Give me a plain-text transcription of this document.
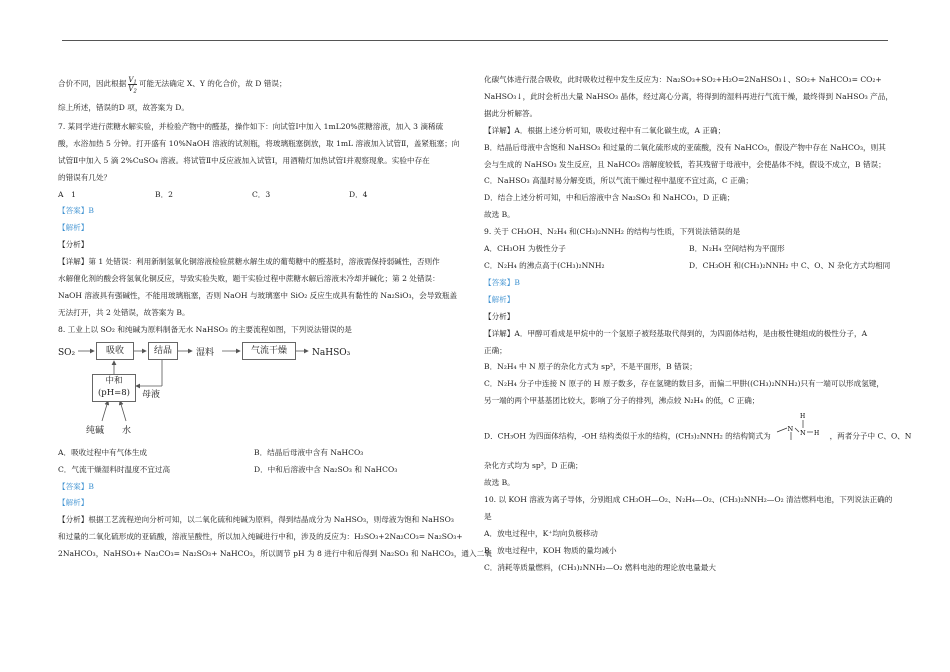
合价不同，因此根据 $\frac{V_1}{V_2}$ 可能无法确定 X、Y 的化合价，故 D 错误；
综上所述，错误的D 项，故答案为 D。
7. 某同学进行蔗糖水解实验，并检验产物中的醛基，操作如下：向试管Ⅰ中加入 1mL20%蔗糖溶液，加入 3 滴稀硫
酸，水浴加热 5 分钟。打开盛有 10%NaOH 溶液的试剂瓶，将玻璃瓶塞倒放，取 1mL 溶液加入试管Ⅱ，盖紧瓶塞；向
试管Ⅱ中加入 5 滴 2%CuSO₄ 溶液。将试管Ⅱ中反应液加入试管Ⅰ，用酒精灯加热试管Ⅰ并观察现象。实验中存在
的错误有几处？
A　1	B．2	C．3	D．4
【答案】B
【解析】
【分析】
【详解】第 1 处错误：利用新制氢氧化铜溶液检验蔗糖水解生成的葡萄糖中的醛基时，溶液需保持弱碱性，否则作
水解催化剂的酸会将氢氧化铜反应，导致实验失败，题干实验过程中蔗糖水解后溶液未冷却并碱化；第 2 处错误：
NaOH 溶液具有强碱性，不能用玻璃瓶塞，否则 NaOH 与玻璃塞中 SiO₂ 反应生成具有黏性的 Na₂SiO₃，会导致瓶盖
无法打开，共 2 处错误，故答案为 B。
8. 工业上以 SO₂ 和纯碱为原料制备无水 NaHSO₃ 的主要流程如图，下列说法错误的是
SO₂	吸收	结晶	湿料	气流干燥	NaHSO₃
中和
(pH=8)	母液
纯碱 水
A．吸收过程中有气体生成	B．结晶后母液中含有 NaHCO₃
C．气流干燥湿料时温度不宜过高	D．中和后溶液中含 Na₂SO₃ 和 NaHCO₃
【答案】B
【解析】
【分析】根据工艺流程逆向分析可知，以二氧化硫和纯碱为原料，得到结晶成分为 NaHSO₃，则母液为饱和 NaHSO₃
和过量的二氧化硫形成的亚硫酸，溶液呈酸性，所以加入纯碱进行中和，涉及的反应为：H₂SO₃+2Na₂CO₃= Na₂SO₃+
2NaHCO₃，NaHSO₃+ Na₂CO₃= Na₂SO₃+ NaHCO₃，所以调节 pH 为 8 进行中和后得到 Na₂SO₃ 和 NaHCO₃，通入二氧
化碳气体进行混合吸收，此时吸收过程中发生反应为：Na₂SO₃+SO₂+H₂O=2NaHSO₃↓、SO₂+ NaHCO₃= CO₂+
NaHSO₃↓，此时会析出大量 NaHSO₃ 晶体，经过离心分离，将得到的湿料再进行气流干燥，最终得到 NaHSO₃ 产品，
据此分析解答。
【详解】A．根据上述分析可知，吸收过程中有二氧化碳生成，A 正确；
B．结晶后母液中含饱和 NaHSO₃ 和过量的二氧化硫形成的亚硫酸，没有 NaHCO₃，假设产物中存在 NaHCO₃，则其
会与生成的 NaHSO₃ 发生反应，且 NaHCO₃ 溶解度较低，若其残留于母液中，会使晶体不纯，假设不成立，B 错误；
C．NaHSO₃ 高温时易分解变质，所以气流干燥过程中温度不宜过高，C 正确；
D．结合上述分析可知，中和后溶液中含 Na₂SO₃ 和 NaHCO₃，D 正确；
故选 B。
9. 关于 CH₃OH、N₂H₄ 和(CH₃)₂NNH₂ 的结构与性质，下列说法错误的是
A．CH₃OH 为极性分子	B．N₂H₄ 空间结构为平面形
C．N₂H₄ 的沸点高于(CH₃)₂NNH₂	D．CH₃OH 和(CH₃)₂NNH₂ 中 C、O、N 杂化方式均相同
【答案】B
【解析】
【分析】
【详解】A．甲醇可看成是甲烷中的一个氢原子被羟基取代得到的，为四面体结构，是由极性键组成的极性分子，A
正确；
B．N₂H₄ 中 N 原子的杂化方式为 sp³，不是平面形，B 错误；
C．N₂H₄ 分子中连接 N 原子的 H 原子数多，存在氢键的数目多，而偏二甲肼((CH₃)₂NNH₂)只有一端可以形成氢键，
另一端的两个甲基基团比较大，影响了分子的排列，沸点较 N₂H₄ 的低，C 正确；
D．CH₃OH 为四面体结构，-OH 结构类似于水的结构，(CH₃)₂NNH₂ 的结构简式为
N N
H
H ，两者分子中 C、O、N
杂化方式均为 sp³，D 正确；
故选 B。
10. 以 KOH 溶液为离子导体，分别组成 CH₃OH—O₂、N₂H₄—O₂、(CH₃)₂NNH₂—O₂ 清洁燃料电池，下列说法正确的
是
A．放电过程中，K⁺均向负极移动
B．放电过程中，KOH 物质的量均减小
C．消耗等质量燃料，(CH₃)₂NNH₂—O₂ 燃料电池的理论放电量最大
